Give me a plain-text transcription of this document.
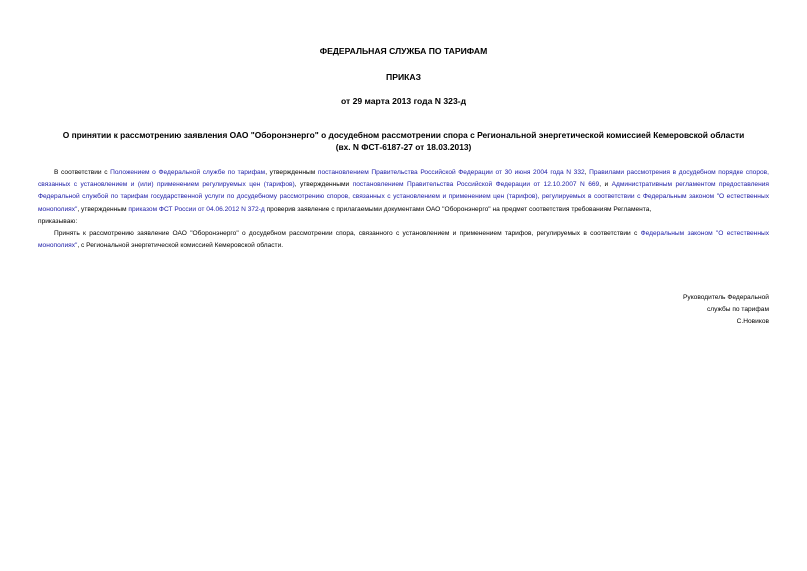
ФЕДЕРАЛЬНАЯ СЛУЖБА ПО ТАРИФАМ

ПРИКАЗ

от 29 марта 2013 года N 323-д

О принятии к рассмотрению заявления ОАО "Оборонэнерго" о досудебном рассмотрении спора с Региональной энергетической комиссией Кемеровской области
(вх. N ФСТ-6187-27 от 18.03.2013)

В соответствии с Положением о Федеральной службе по тарифам, утвержденным постановлением Правительства Российской Федерации от 30 июня 2004 года N 332, Правилами рассмотрения в досудебном порядке споров, связанных с установлением и (или) применением регулируемых цен (тарифов), утвержденными постановлением Правительства Российской Федерации от 12.10.2007 N 669, и Административным регламентом предоставления Федеральной службой по тарифам государственной услуги по досудебному рассмотрению споров, связанных с установлением и применением цен (тарифов), регулируемых в соответствии с Федеральным законом "О естественных монополиях", утвержденным приказом ФСТ России от 04.06.2012 N 372-д проверив заявление с прилагаемыми документами ОАО "Оборонэнерго" на предмет соответствия требованиям Регламента,

приказываю:

Принять к рассмотрению заявление ОАО "Оборонэнерго" о досудебном рассмотрении спора, связанного с установлением и применением тарифов, регулируемых в соответствии с Федеральным законом "О естественных монополиях", с Региональной энергетической комиссией Кемеровской области.

Руководитель Федеральной
службы по тарифам
С.Новиков
